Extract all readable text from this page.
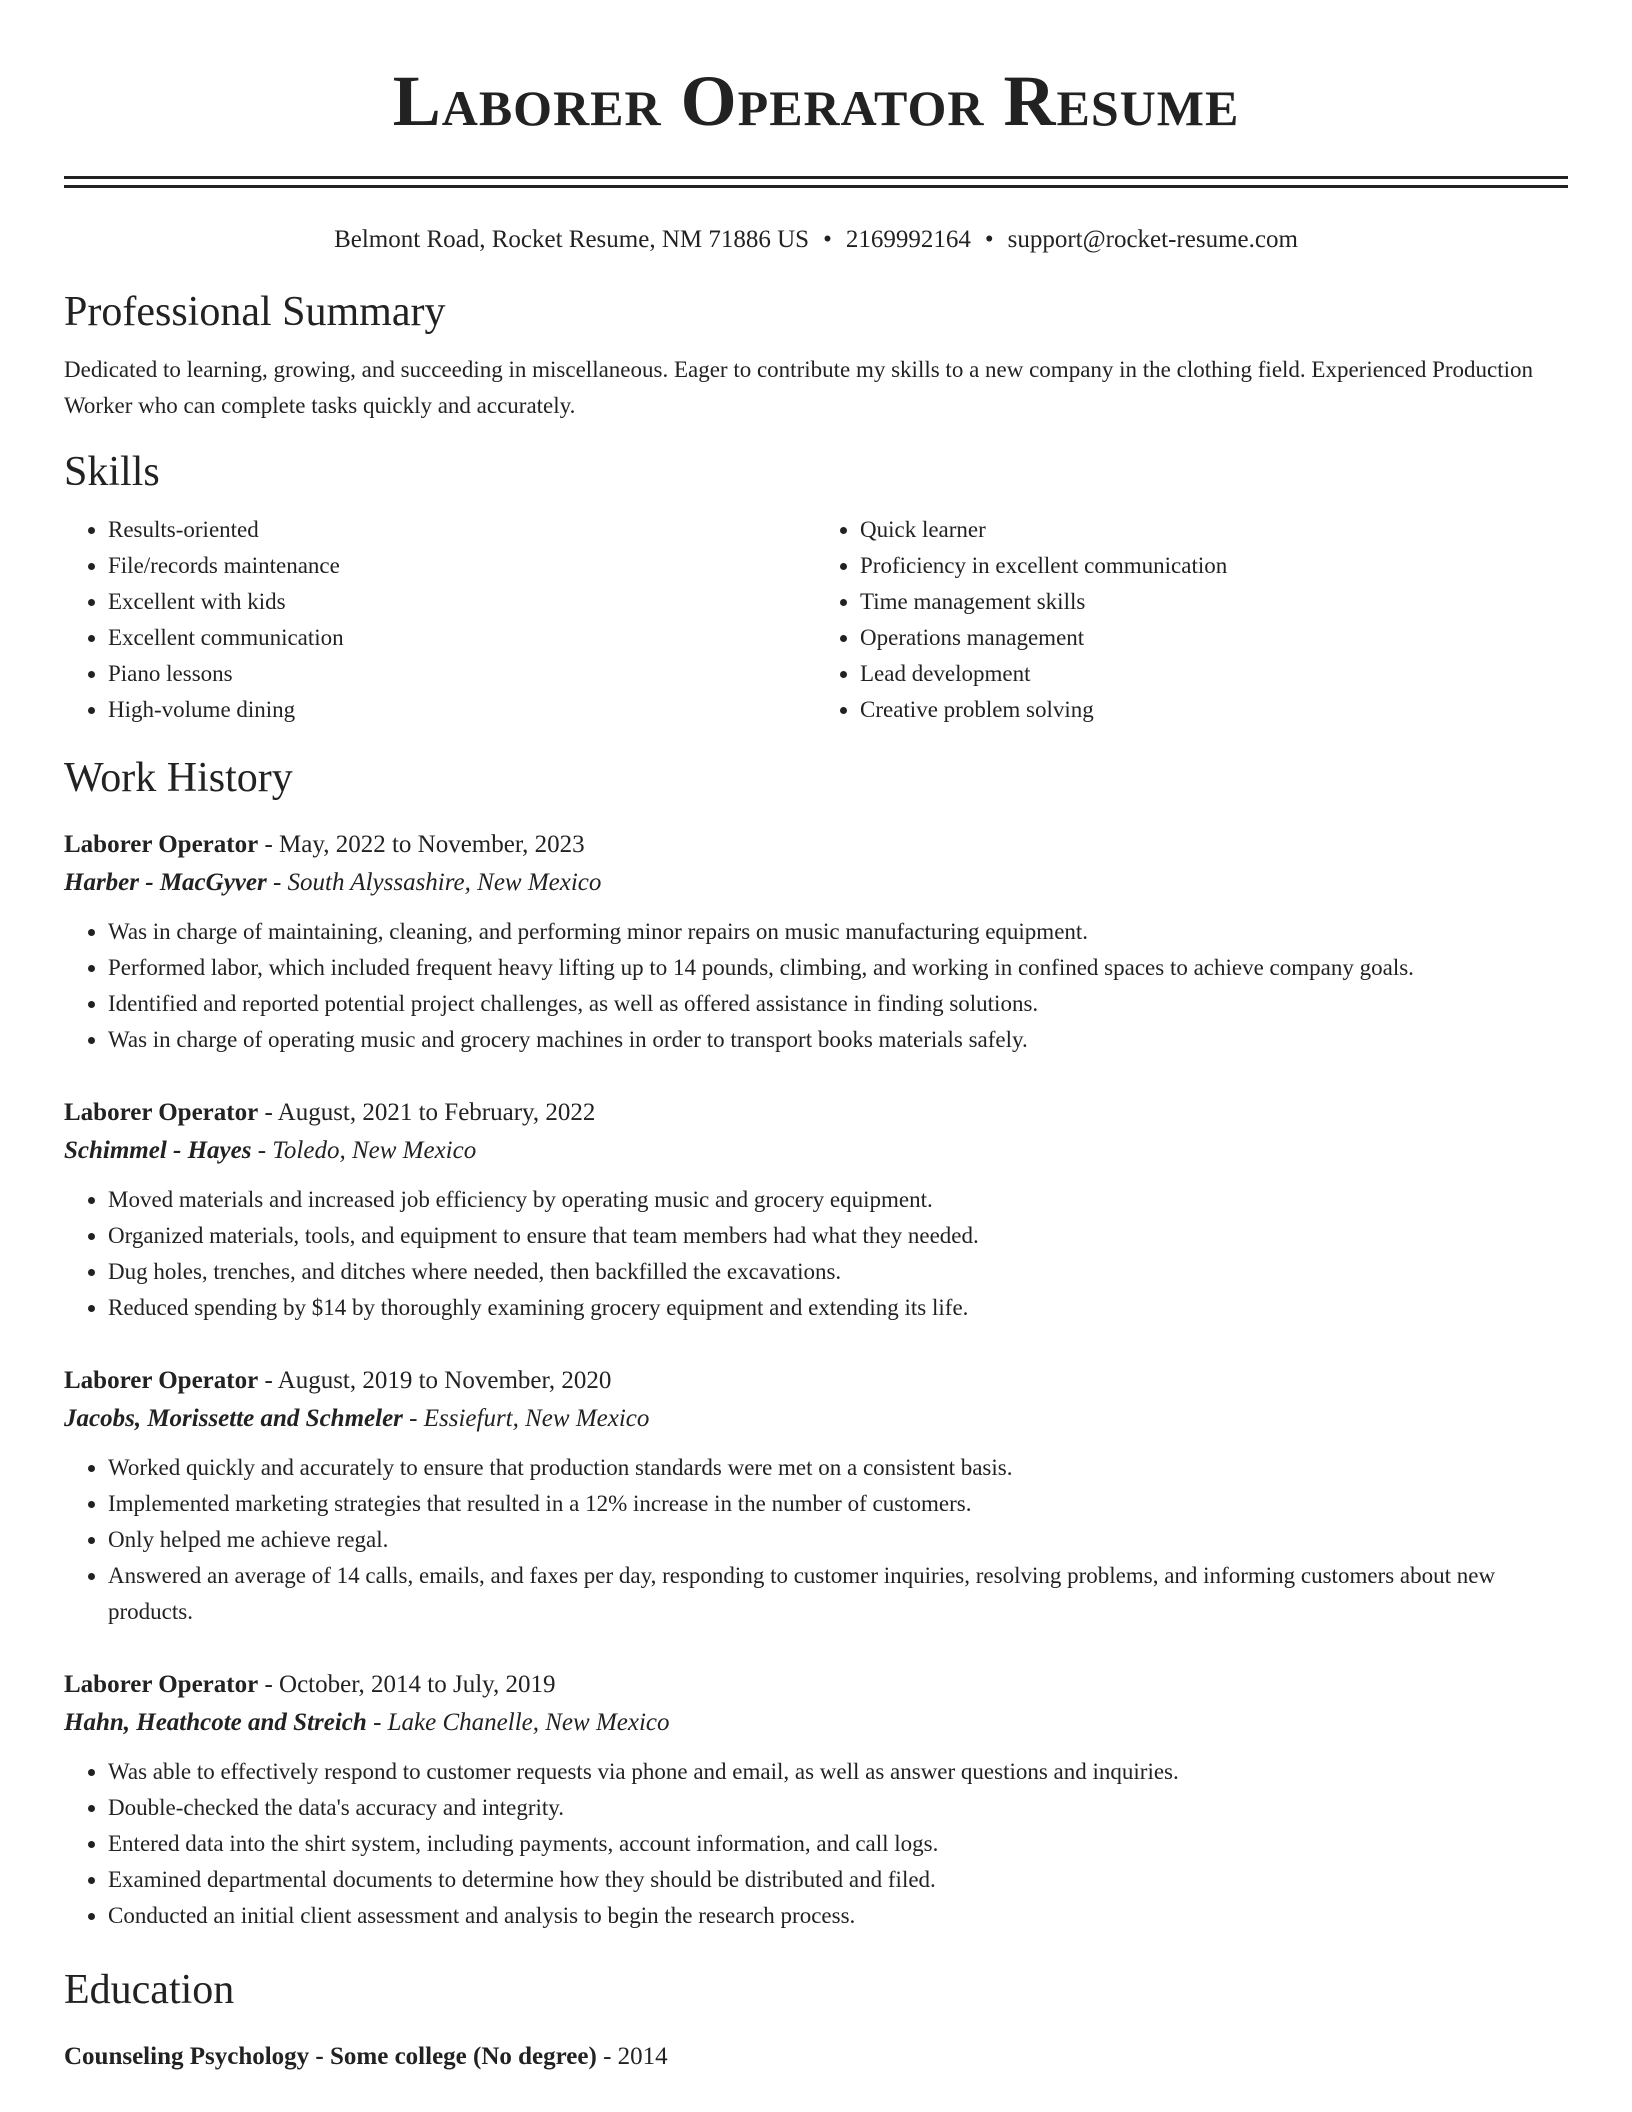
Laborer Operator Resume
Belmont Road, Rocket Resume, NM 71886 US • 2169992164 • support@rocket-resume.com
Professional Summary
Dedicated to learning, growing, and succeeding in miscellaneous. Eager to contribute my skills to a new company in the clothing field. Experienced Production Worker who can complete tasks quickly and accurately.
Skills
• Results-oriented
• File/records maintenance
• Excellent with kids
• Excellent communication
• Piano lessons
• High-volume dining
• Quick learner
• Proficiency in excellent communication
• Time management skills
• Operations management
• Lead development
• Creative problem solving
Work History
Laborer Operator - May, 2022 to November, 2023
Harber - MacGyver - South Alyssashire, New Mexico
• Was in charge of maintaining, cleaning, and performing minor repairs on music manufacturing equipment.
• Performed labor, which included frequent heavy lifting up to 14 pounds, climbing, and working in confined spaces to achieve company goals.
• Identified and reported potential project challenges, as well as offered assistance in finding solutions.
• Was in charge of operating music and grocery machines in order to transport books materials safely.
Laborer Operator - August, 2021 to February, 2022
Schimmel - Hayes - Toledo, New Mexico
• Moved materials and increased job efficiency by operating music and grocery equipment.
• Organized materials, tools, and equipment to ensure that team members had what they needed.
• Dug holes, trenches, and ditches where needed, then backfilled the excavations.
• Reduced spending by $14 by thoroughly examining grocery equipment and extending its life.
Laborer Operator - August, 2019 to November, 2020
Jacobs, Morissette and Schmeler - Essiefurt, New Mexico
• Worked quickly and accurately to ensure that production standards were met on a consistent basis.
• Implemented marketing strategies that resulted in a 12% increase in the number of customers.
• Only helped me achieve regal.
• Answered an average of 14 calls, emails, and faxes per day, responding to customer inquiries, resolving problems, and informing customers about new products.
Laborer Operator - October, 2014 to July, 2019
Hahn, Heathcote and Streich - Lake Chanelle, New Mexico
• Was able to effectively respond to customer requests via phone and email, as well as answer questions and inquiries.
• Double-checked the data's accuracy and integrity.
• Entered data into the shirt system, including payments, account information, and call logs.
• Examined departmental documents to determine how they should be distributed and filed.
• Conducted an initial client assessment and analysis to begin the research process.
Education
Counseling Psychology - Some college (No degree) - 2014
